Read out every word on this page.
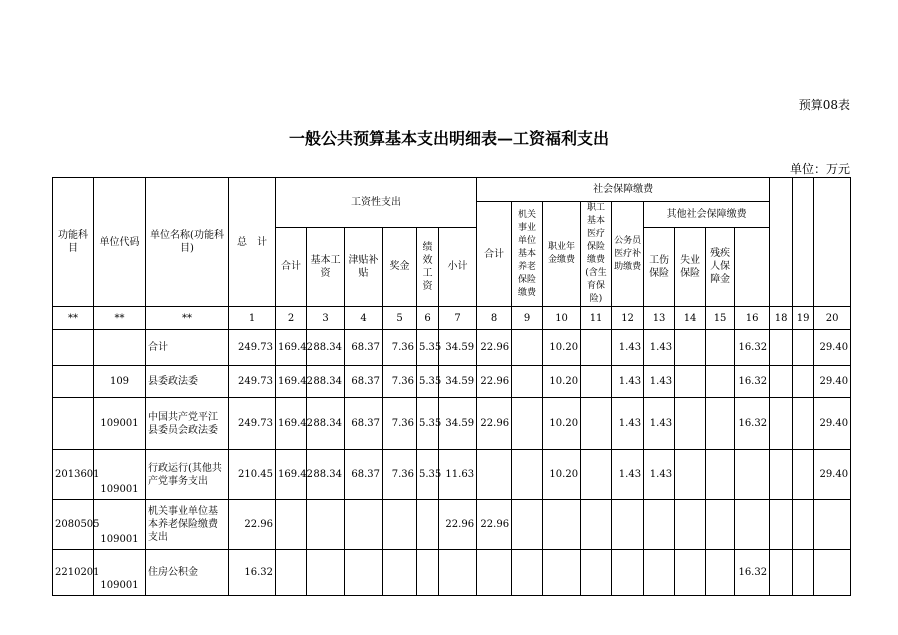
预算08表
一般公共预算基本支出明细表—工资福利支出
单位：万元
功能科目	单位代码	单位名称(功能科目)	总　计	工资性支出						社会保障缴费												
										合计	机关事业单位基本养老保险缴费	职业年金缴费	职工基本医疗保险缴费(含生育保险)	公务员医疗补助缴费	其他社会保障缴费							
				合计	基本工资	津贴补贴	奖金	绩效工资	小计						工伤保险	失业保险	残疾人保障金					
**	**	**	1	2	3	4	5	6	7	8	9	10	11	12	13	14	15	16	18	19	20	
		合计	249.73	169.42	88.34	68.37	7.36	5.35	34.59	22.96		10.20		1.43	1.43			16.32			29.40	
	109	县委政法委	249.73	169.42	88.34	68.37	7.36	5.35	34.59	22.96		10.20		1.43	1.43			16.32			29.40	
	109001	中国共产党平江县委员会政法委	249.73	169.42	88.34	68.37	7.36	5.35	34.59	22.96		10.20		1.43	1.43			16.32			29.40	
2013601	109001	行政运行(其他共产党事务支出	210.45	169.42	88.34	68.37	7.36	5.35	11.63			10.20		1.43	1.43						29.40	
2080505	109001	机关事业单位基本养老保险缴费支出	22.96						22.96	22.96												
2210201	109001	住房公积金	16.32															16.32				
